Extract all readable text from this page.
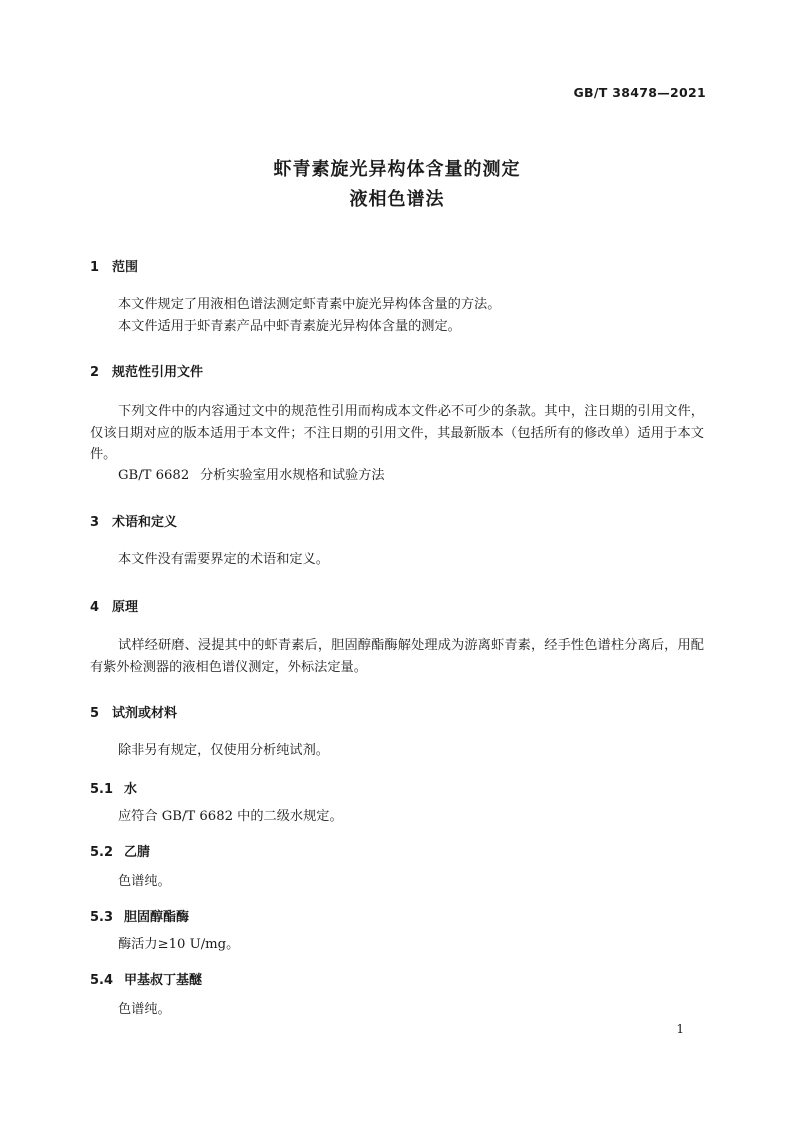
GB/T 38478—2021
虾青素旋光异构体含量的测定
液相色谱法
1 范围
本文件规定了用液相色谱法测定虾青素中旋光异构体含量的方法。
本文件适用于虾青素产品中虾青素旋光异构体含量的测定。
2 规范性引用文件
下列文件中的内容通过文中的规范性引用而构成本文件必不可少的条款。其中，注日期的引用文件，仅该日期对应的版本适用于本文件；不注日期的引用文件，其最新版本（包括所有的修改单）适用于本文件。
GB/T 6682 分析实验室用水规格和试验方法
3 术语和定义
本文件没有需要界定的术语和定义。
4 原理
试样经研磨、浸提其中的虾青素后，胆固醇酯酶解处理成为游离虾青素，经手性色谱柱分离后，用配有紫外检测器的液相色谱仪测定，外标法定量。
5 试剂或材料
除非另有规定，仅使用分析纯试剂。
5.1 水
应符合 GB/T 6682 中的二级水规定。
5.2 乙腈
色谱纯。
5.3 胆固醇酯酶
酶活力≥10 U/mg。
5.4 甲基叔丁基醚
色谱纯。
1
